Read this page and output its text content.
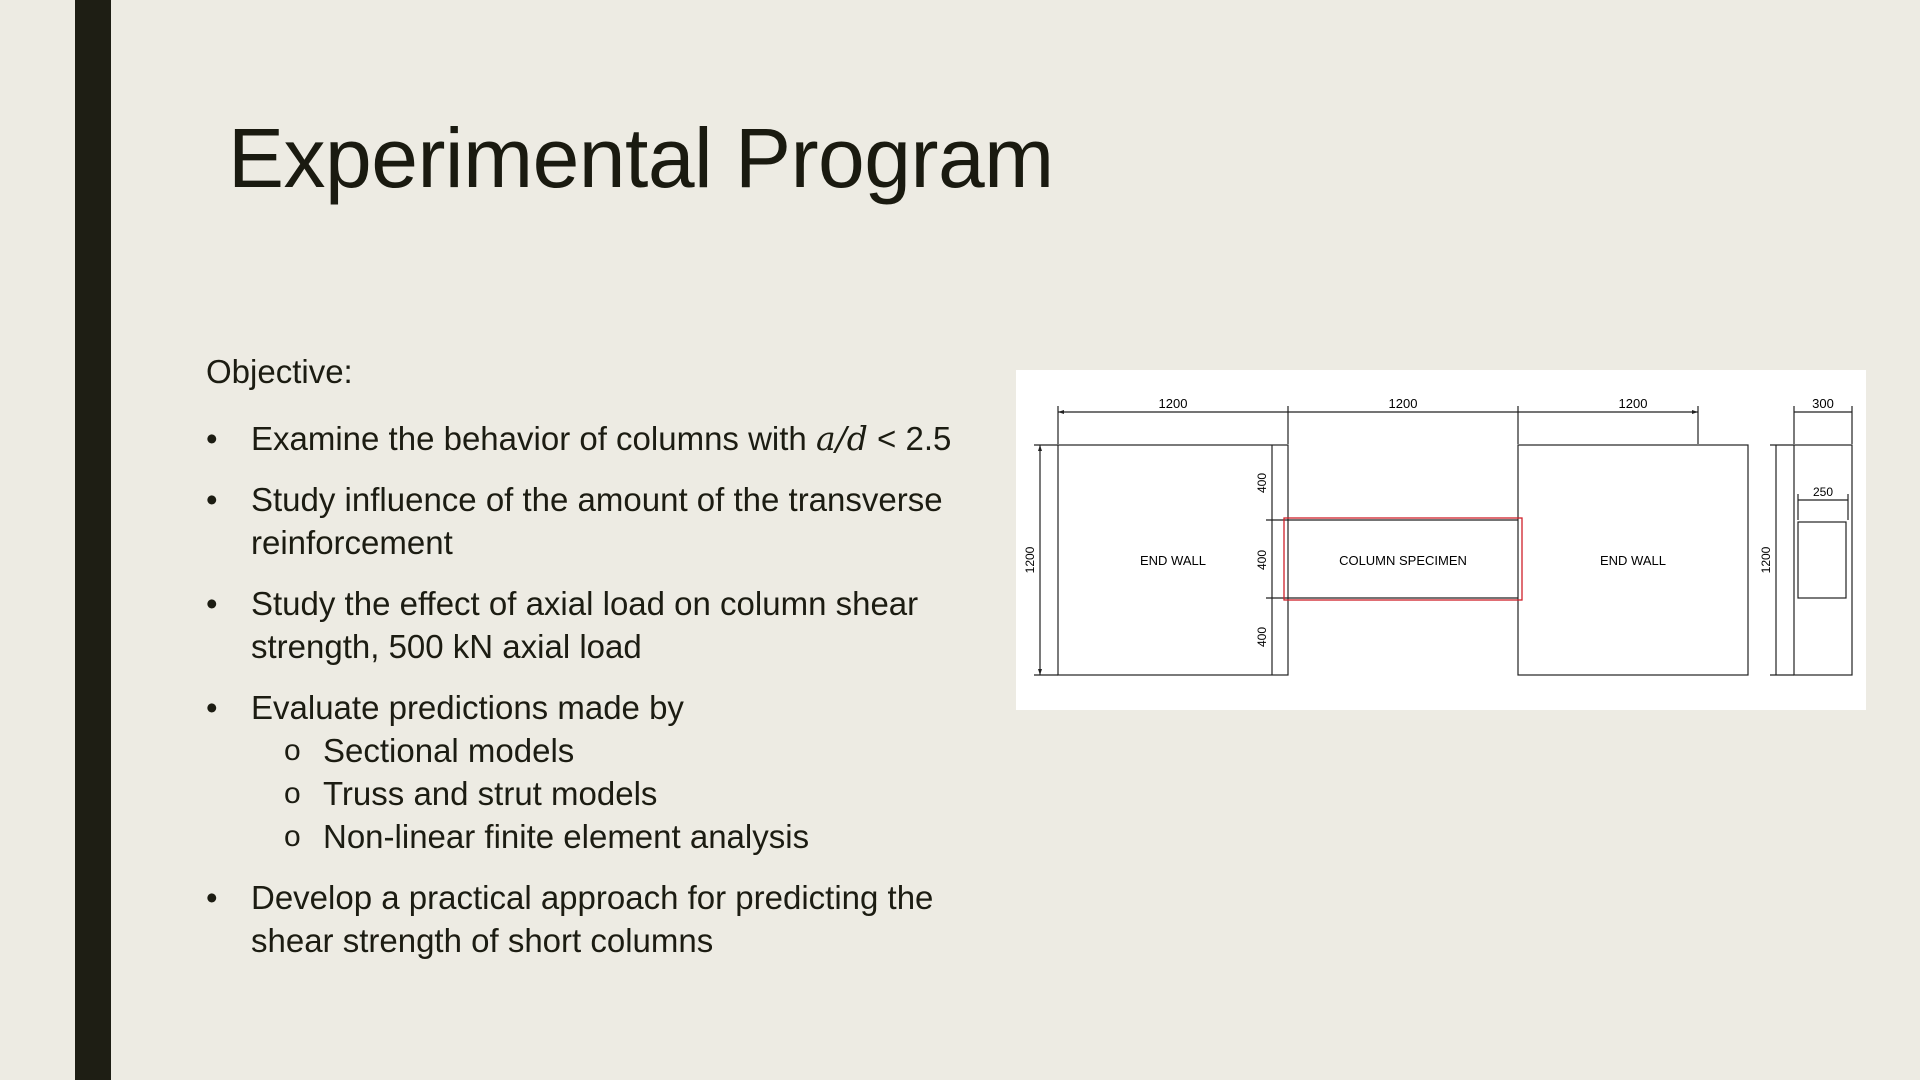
Experimental Program
Objective:
• Examine the behavior of columns with a/d < 2.5
• Study influence of the amount of the transverse reinforcement
• Study the effect of axial load on column shear strength, 500 kN axial load
• Evaluate predictions made by
o Sectional models
o Truss and strut models
o Non-linear finite element analysis
• Develop a practical approach for predicting the shear strength of short columns
1200	1200	1200	300
250
1200	1200
400
400
400
END WALL	COLUMN SPECIMEN	END WALL
